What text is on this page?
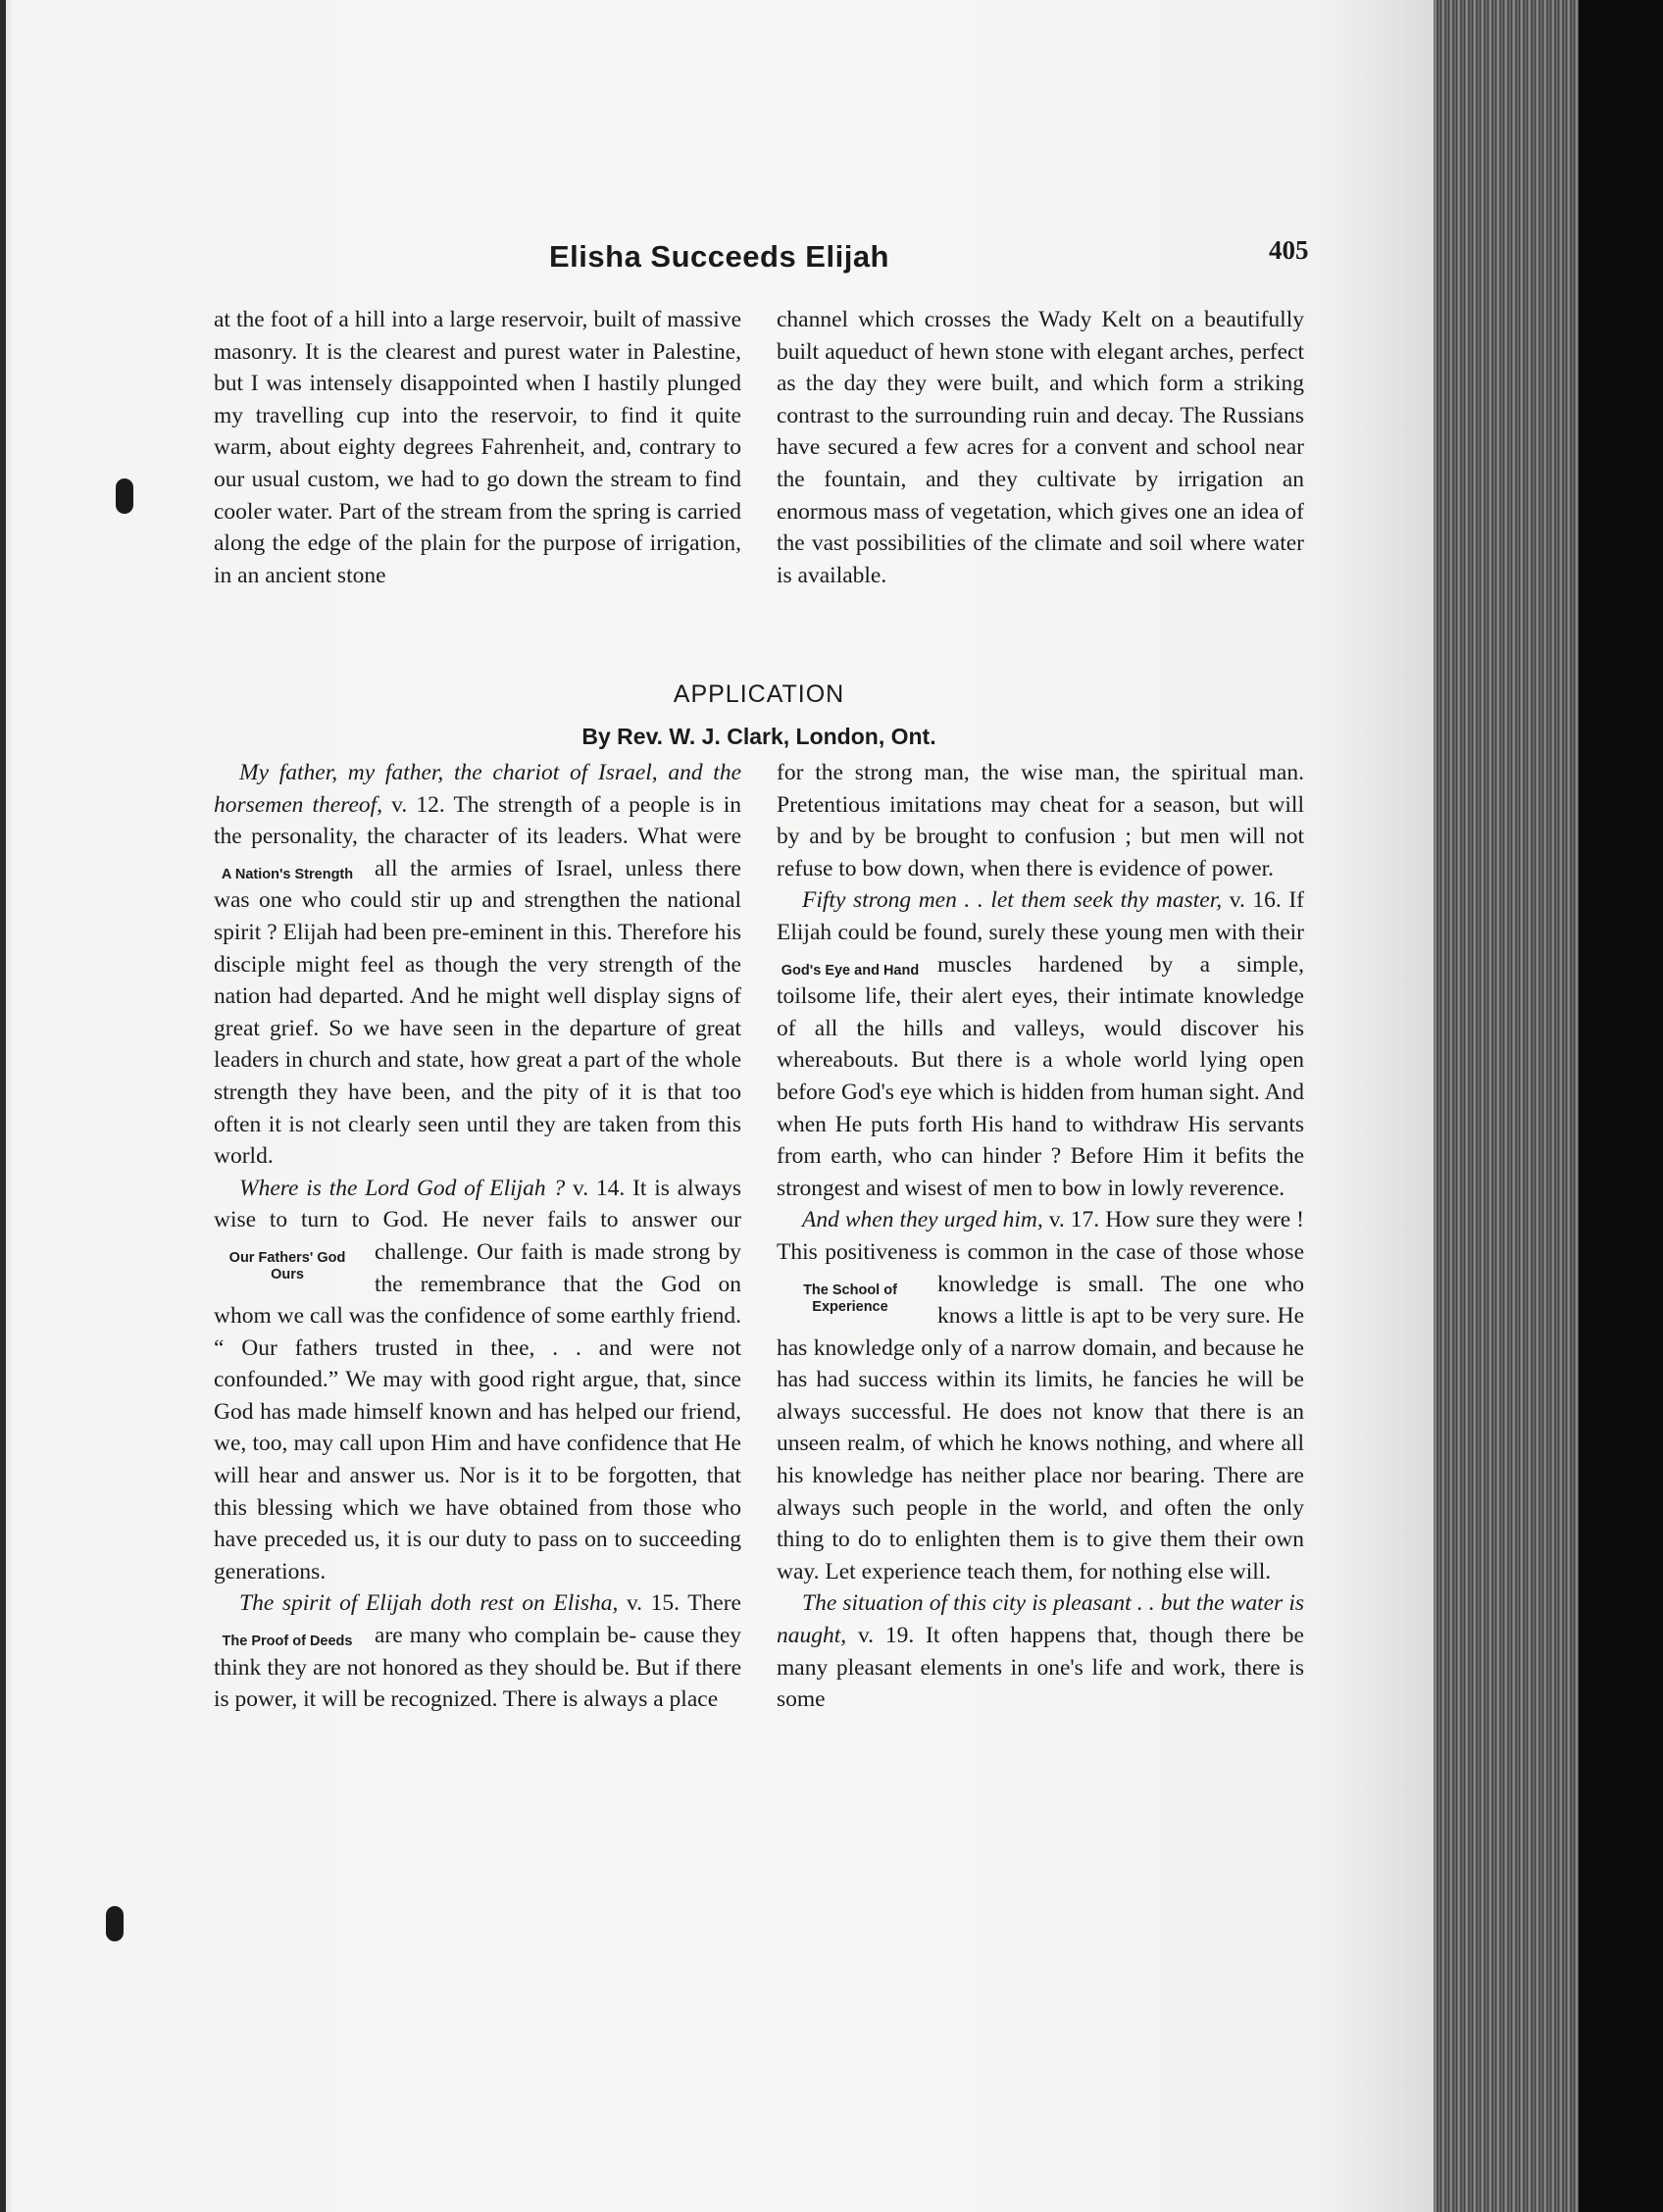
Elisha Succeeds Elijah	405

at the foot of a hill into a large reservoir, built of massive masonry. It is the clearest and purest water in Palestine, but I was intensely disappointed when I hastily plunged my travelling cup into the reservoir, to find it quite warm, about eighty degrees Fahrenheit, and, contrary to our usual custom, we had to go down the stream to find cooler water. Part of the stream from the spring is carried along the edge of the plain for the purpose of irrigation, in an ancient stone

channel which crosses the Wady Kelt on a beautifully built aqueduct of hewn stone with elegant arches, perfect as the day they were built, and which form a striking contrast to the surrounding ruin and decay. The Russians have secured a few acres for a convent and school near the fountain, and they cultivate by irrigation an enormous mass of vegetation, which gives one an idea of the vast possibilities of the climate and soil where water is available.

APPLICATION
By Rev. W. J. Clark, London, Ont.

My father, my father, the chariot of Israel, and the horsemen thereof, v. 12. The strength of a people is in the personality, the character of its leaders.
A Nation's Strength
What were all the armies of Israel, unless there was one who could stir up and strengthen the national spirit ? Elijah had been pre-eminent in this. Therefore his disciple might feel as though the very strength of the nation had departed. And he might well display signs of great grief. So we have seen in the departure of great leaders in church and state, how great a part of the whole strength they have been, and the pity of it is that too often it is not clearly seen until they are taken from this world.

Where is the Lord God of Elijah ? v. 14. It is always wise to turn to God. He never fails to answer our challenge. Our faith
Our Fathers' God Ours
is made strong by the remembrance that the God on whom we call was the confidence of some earthly friend. “ Our fathers trusted in thee, . . and were not confounded.” We may with good right argue, that, since God has made himself known and has helped our friend, we, too, may call upon Him and have confidence that He will hear and answer us. Nor is it to be forgotten, that this blessing which we have obtained from those who have preceded us, it is our duty to pass on to succeeding generations.

The spirit of Elijah doth rest on Elisha, v. 15. There are many who complain be-
The Proof of Deeds	cause they think they are not honored as they should be. But if there is power, it will be recognized. There is always a place

for the strong man, the wise man, the spiritual man. Pretentious imitations may cheat for a season, but will by and by be brought to confusion ; but men will not refuse to bow down, when there is evidence of power.

Fifty strong men . . let them seek thy master, v. 16. If Elijah could be found, surely these young men with their muscles hardened
God's Eye and Hand	by a simple, toilsome life, their alert eyes, their intimate knowledge of all the hills and valleys, would discover his whereabouts. But there is a whole world lying open before God's eye which is hidden from human sight. And when He puts forth His hand to withdraw His servants from earth, who can hinder ? Before Him it befits the strongest and wisest of men to bow in lowly reverence.

And when they urged him, v. 17. How sure they were ! This positiveness is common in the case of those whose knowledge
The School of Experience
is small. The one who knows a little is apt to be very sure. He has knowledge only of a narrow domain, and because he has had success within its limits, he fancies he will be always successful. He does not know that there is an unseen realm, of which he knows nothing, and where all his knowledge has neither place nor bearing. There are always such people in the world, and often the only thing to do to enlighten them is to give them their own way. Let experience teach them, for nothing else will.

The situation of this city is pleasant . . but the water is naught, v. 19. It often happens that, though there be many pleasant elements in one's life and work, there is some
